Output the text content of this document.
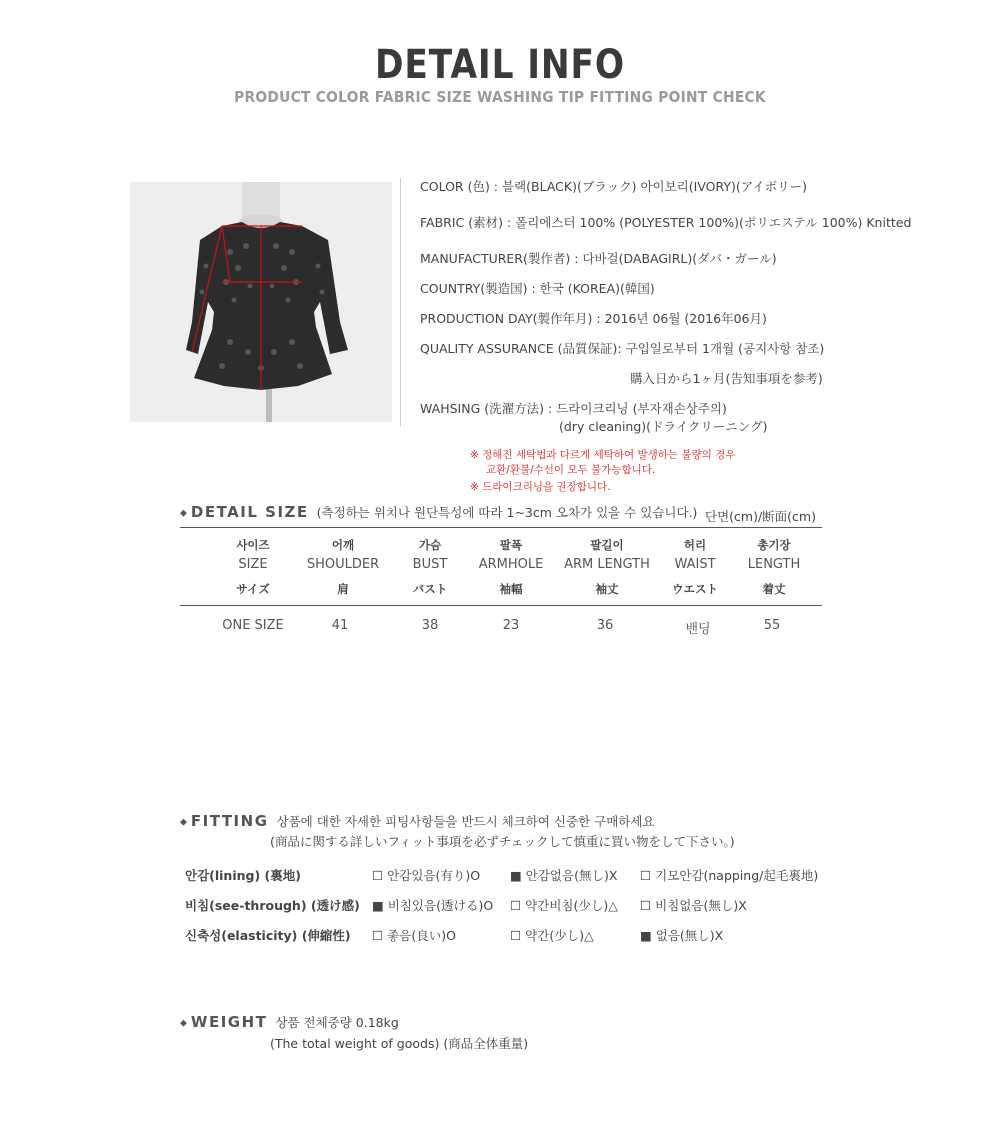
DETAIL INFO
PRODUCT COLOR FABRIC SIZE WASHING TIP FITTING POINT CHECK
COLOR (色) : 블랙(BLACK)(ブラック) 아이보리(IVORY)(アイボリー)
FABRIC (素材) : 폴리에스터 100% (POLYESTER 100%)(ポリエステル 100%) Knitted
MANUFACTURER(製作者) : 다바걸(DABAGIRL)(ダバ・ガール)
COUNTRY(製造国) : 한국 (KOREA)(韓国)
PRODUCTION DAY(製作年月) : 2016년 06월 (2016年06月)
QUALITY ASSURANCE (品質保証): 구입일로부터 1개월 (공지사항 참조)
購入日から1ヶ月(告知事項を参考)
WAHSING (洗濯方法) : 드라이크리닝 (부자재손상주의)
(dry cleaning)(ドライクリーニング)
※ 정해진 세탁법과 다르게 세탁하여 발생하는 불량의 경우
교환/환불/수선이 모두 불가능합니다.
※ 드라이크리닝을 권장합니다.
◆ DETAIL SIZE (측정하는 위치나 원단특성에 따라 1~3cm 오차가 있을 수 있습니다.) 단면(cm)/断面(cm)
사이즈	어깨	가슴	팔폭	팔길이	허리	총기장
SIZE	SHOULDER	BUST	ARMHOLE	ARM LENGTH	WAIST	LENGTH
サイズ	肩	バスト	袖幅	袖丈	ウエスト	着丈
ONE SIZE	41	38	23	36	밴딩	55
◆ FITTING 상품에 대한 자세한 피팅사항들을 반드시 체크하여 신중한 구매하세요
(商品に関する詳しいフィット事項を必ずチェックして慎重に買い物をして下さい。)
안감(lining) (裏地)	☐ 안감있음(有り)O ■ 안감없음(無し)X ☐ 기모안감(napping/起毛裏地)
비침(see-through) (透け感) ■ 비침있음(透ける)O ☐ 약간비침(少し)△ ☐ 비침없음(無し)X
신축성(elasticity) (伸縮性) ☐ 좋음(良い)O	☐ 약간(少し)△	■ 없음(無し)X
◆ WEIGHT 상품 전체중량 0.18kg
(The total weight of goods) (商品全体重量)
